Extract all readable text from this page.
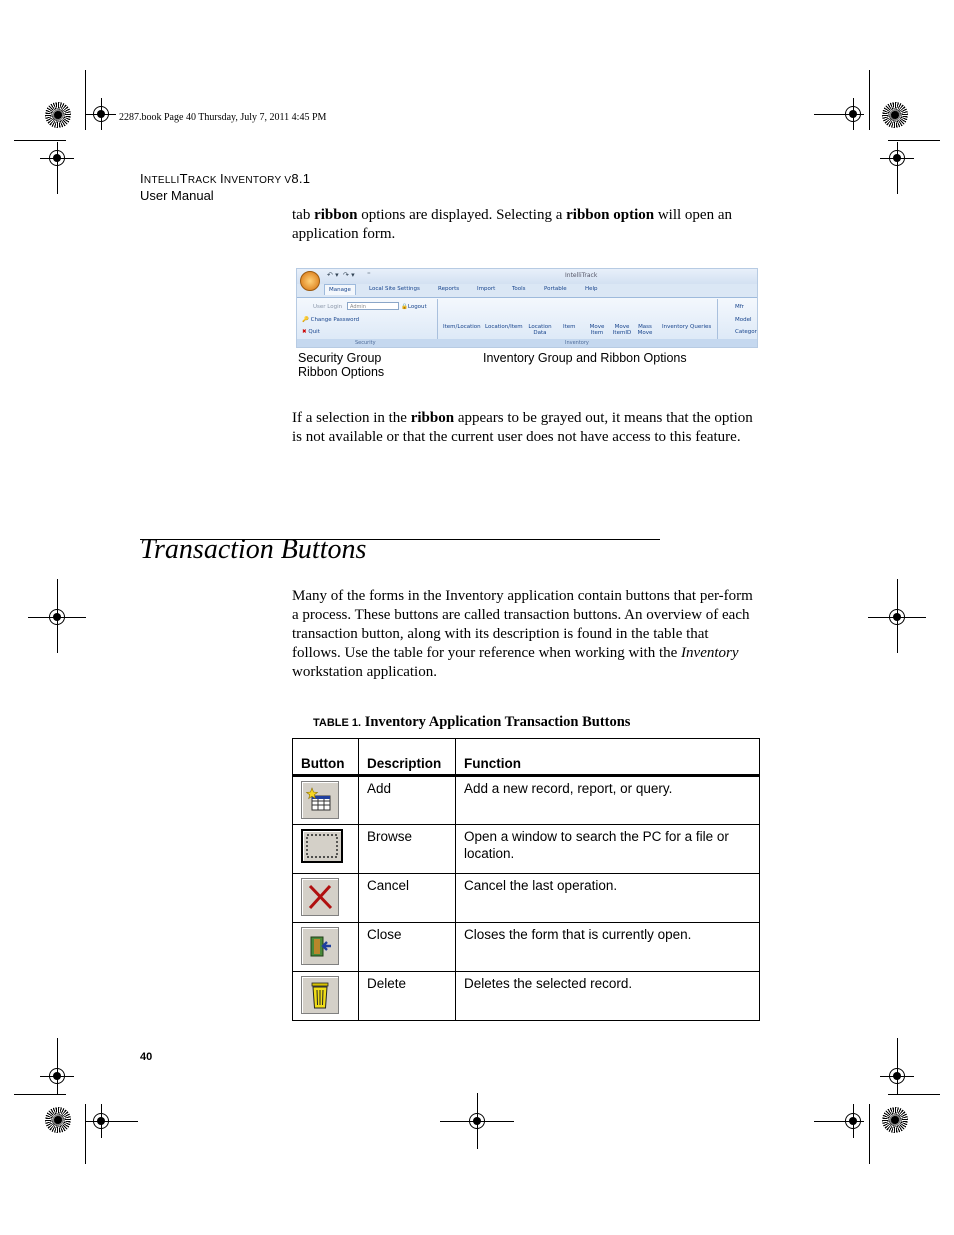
2287.book Page 40 Thursday, July 7, 2011 4:45 PM
INTELLITRACK INVENTORY V8.1
User Manual
tab ribbon options are displayed. Selecting a ribbon option will open an application form.
IntelliTrack
↶ ▾ ↷ ▾ ⁼
Manage	Local Site Settings	Reports	Import	Tools	Portable	Help
User Login	Admin	🔒Logout
🔑 Change Password
✖ Quit
Item/Location Location/Item Location Data
Item	Move Item
Move ItemID
Mass Move
Inventory Queries
Mfr
Model
Categor
Security	Inventory
Security Group Ribbon Options
Inventory Group and Ribbon Options
If a selection in the ribbon appears to be grayed out, it means that the option is not available or that the current user does not have access to this feature.
Transaction Buttons
Many of the forms in the Inventory application contain buttons that per-form a process. These buttons are called transaction buttons. An overview of each transaction button, along with its description is found in the table that follows. Use the table for your reference when working with the Inventory workstation application.
TABLE 1. Inventory Application Transaction Buttons
Button	Description	Function

	Add	Add a new record, report, or query.

	Browse	Open a window to search the PC for a file or location.

	Cancel	Cancel the last operation.

	Close	Closes the form that is currently open.

	Delete	Deletes the selected record.
40
